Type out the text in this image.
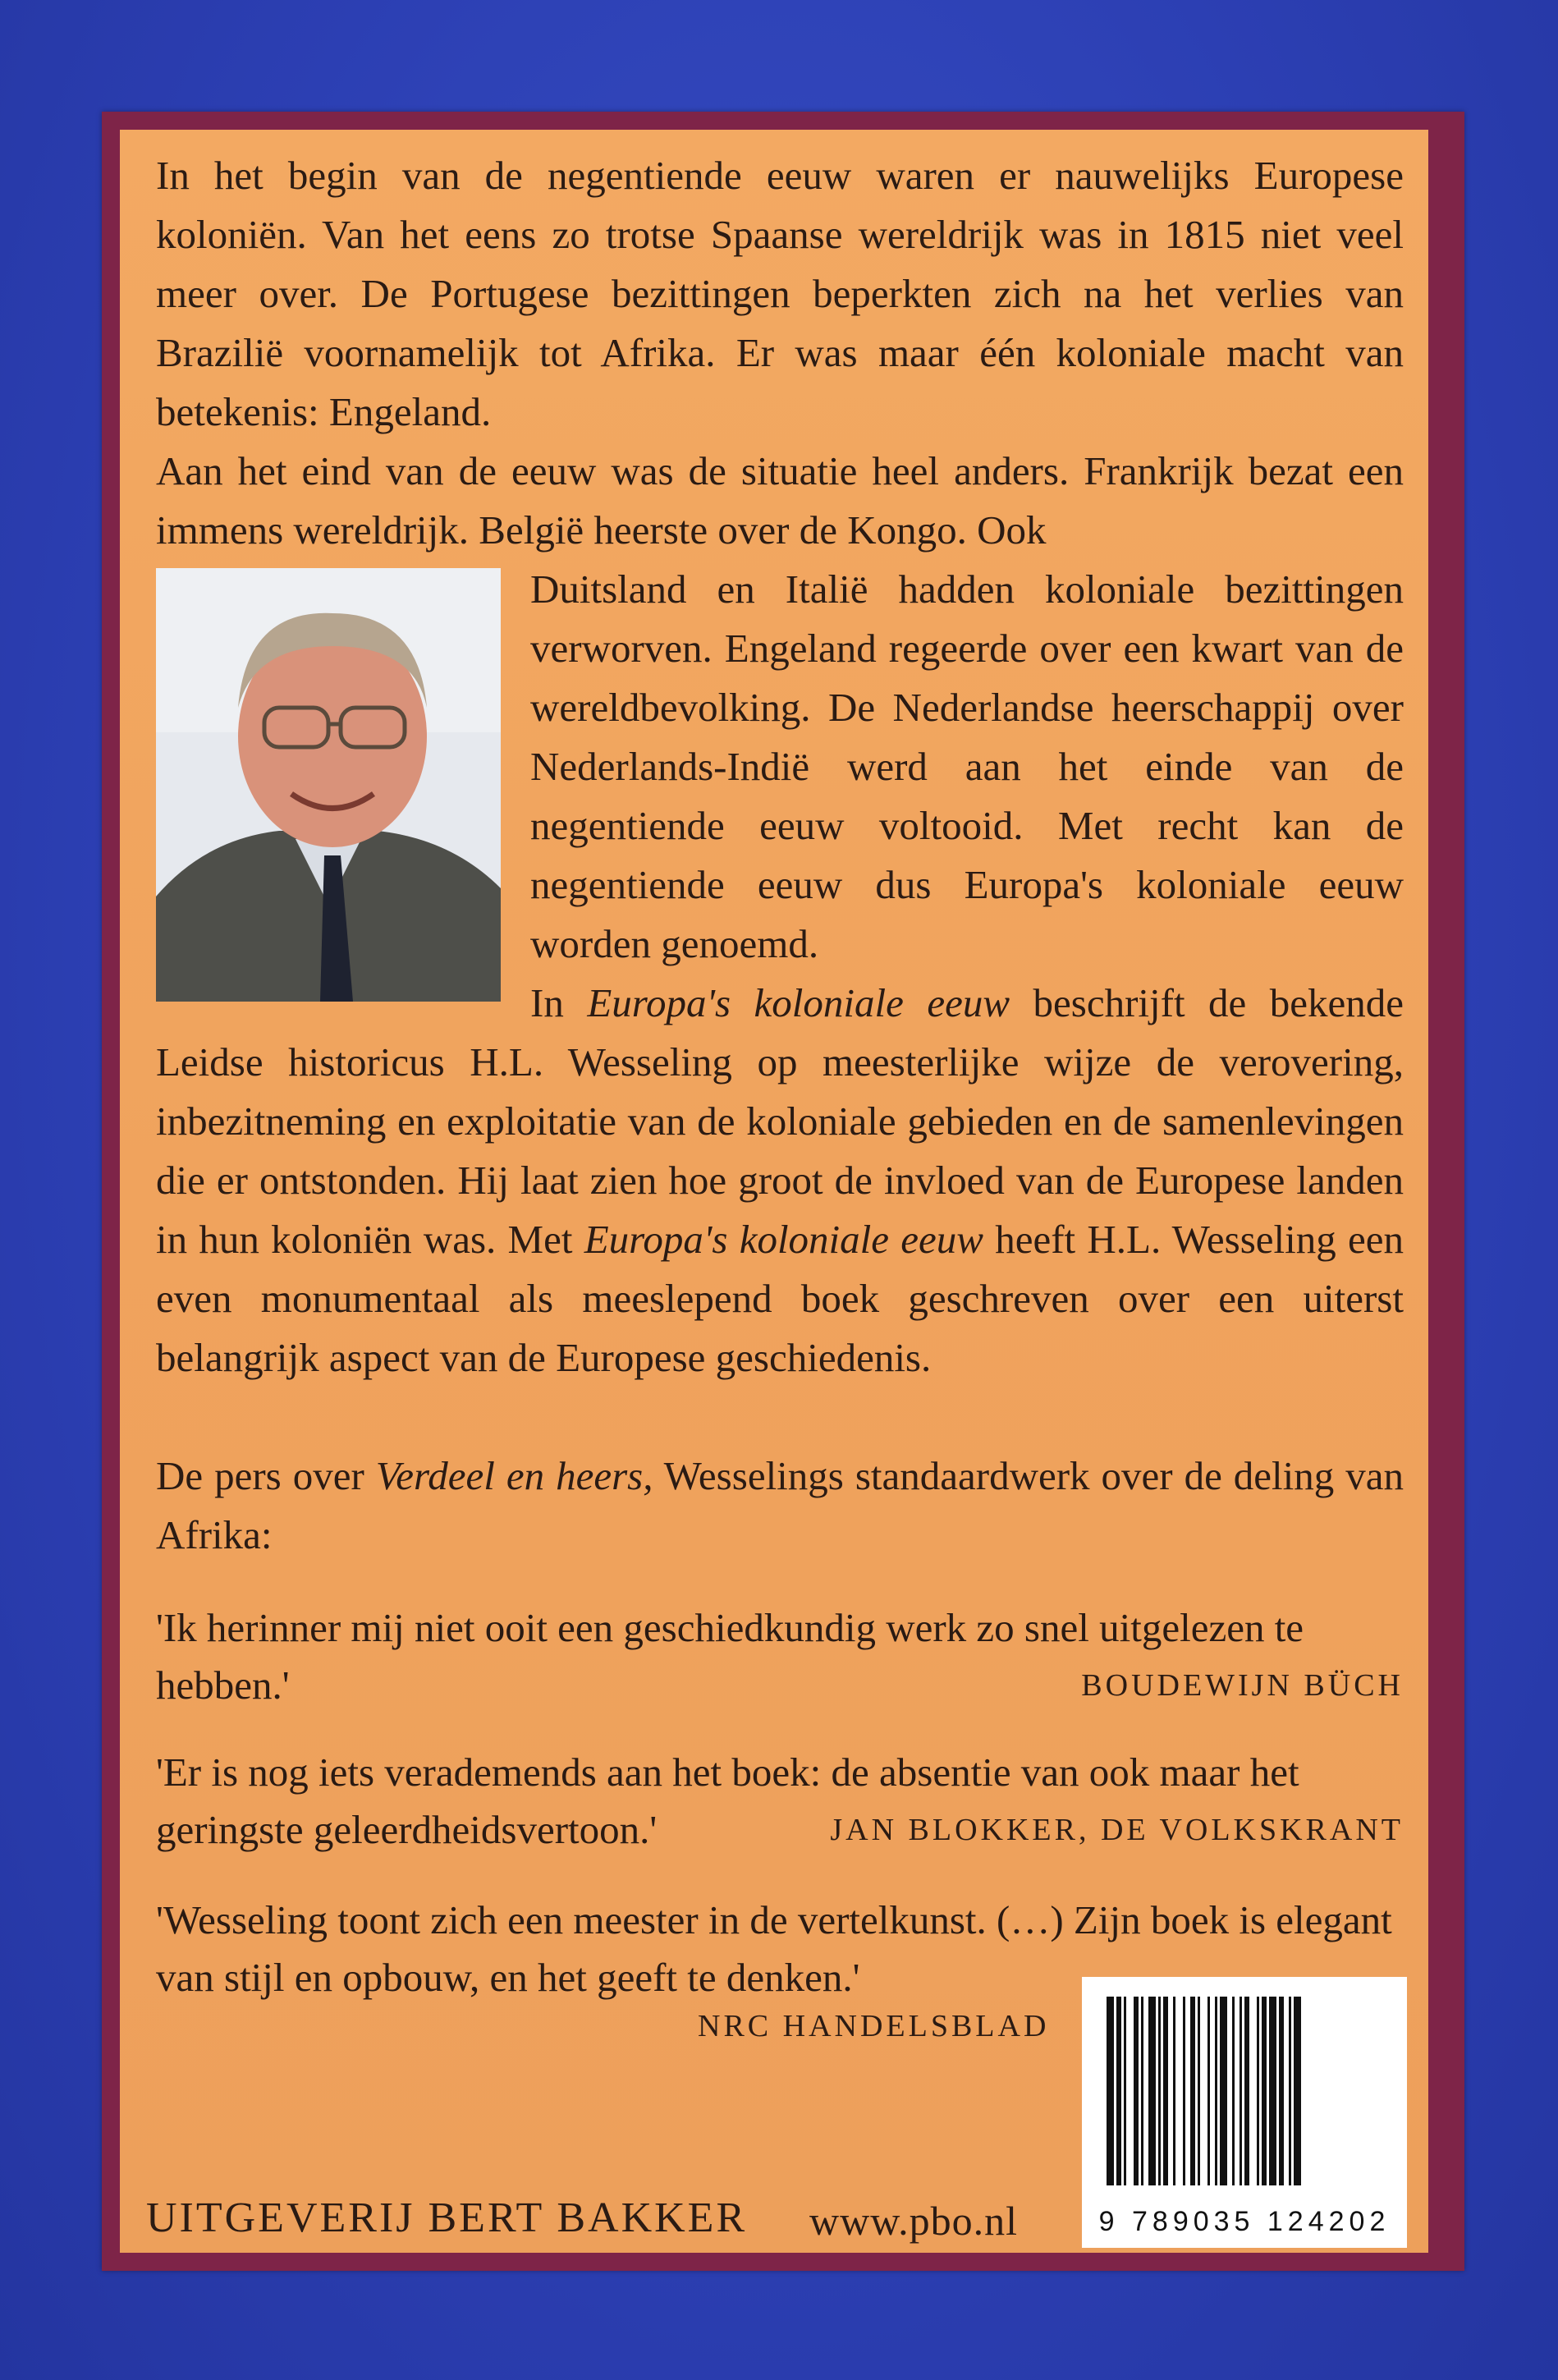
In het begin van de negentiende eeuw waren er nauwelijks Europese koloniën. Van het eens zo trotse Spaanse wereldrijk was in 1815 niet veel meer over. De Portugese bezittingen beperkten zich na het verlies van Brazilië voornamelijk tot Afrika. Er was maar één koloniale macht van betekenis: Engeland.
Aan het eind van de eeuw was de situatie heel anders. Frankrijk bezat een immens wereldrijk. België heerste over de Kongo. Ook

Duitsland en Italië hadden koloniale bezittingen verworven. Engeland regeerde over een kwart van de wereldbevolking. De Nederlandse heerschappij over Nederlands-Indië werd aan het einde van de negentiende eeuw voltooid. Met recht kan de negentiende eeuw dus Europa's koloniale eeuw worden genoemd.

In Europa's koloniale eeuw beschrijft de bekende Leidse historicus H.L. Wesseling op meesterlijke wijze de verovering, inbezitneming en exploitatie van de koloniale gebieden en de samenlevingen die er ontstonden. Hij laat zien hoe groot de invloed van de Europese landen in hun koloniën was. Met Europa's koloniale eeuw heeft H.L. Wesseling een even monumentaal als meeslepend boek geschreven over een uiterst belangrijk aspect van de Europese geschiedenis.

De pers over Verdeel en heers, Wesselings standaardwerk over de deling van Afrika:
'Ik herinner mij niet ooit een geschiedkundig werk zo snel uitgelezen te hebben.'	BOUDEWIJN BÜCH
'Er is nog iets verademends aan het boek: de absentie van ook maar het geringste geleerdheidsvertoon.'	JAN BLOKKER, DE VOLKSKRANT
'Wesseling toont zich een meester in de vertelkunst. (…) Zijn boek is elegant van stijl en opbouw, en het geeft te denken.'
NRC HANDELSBLAD
UITGEVERIJ BERT BAKKER www.pbo.nl	9 789035 124202
